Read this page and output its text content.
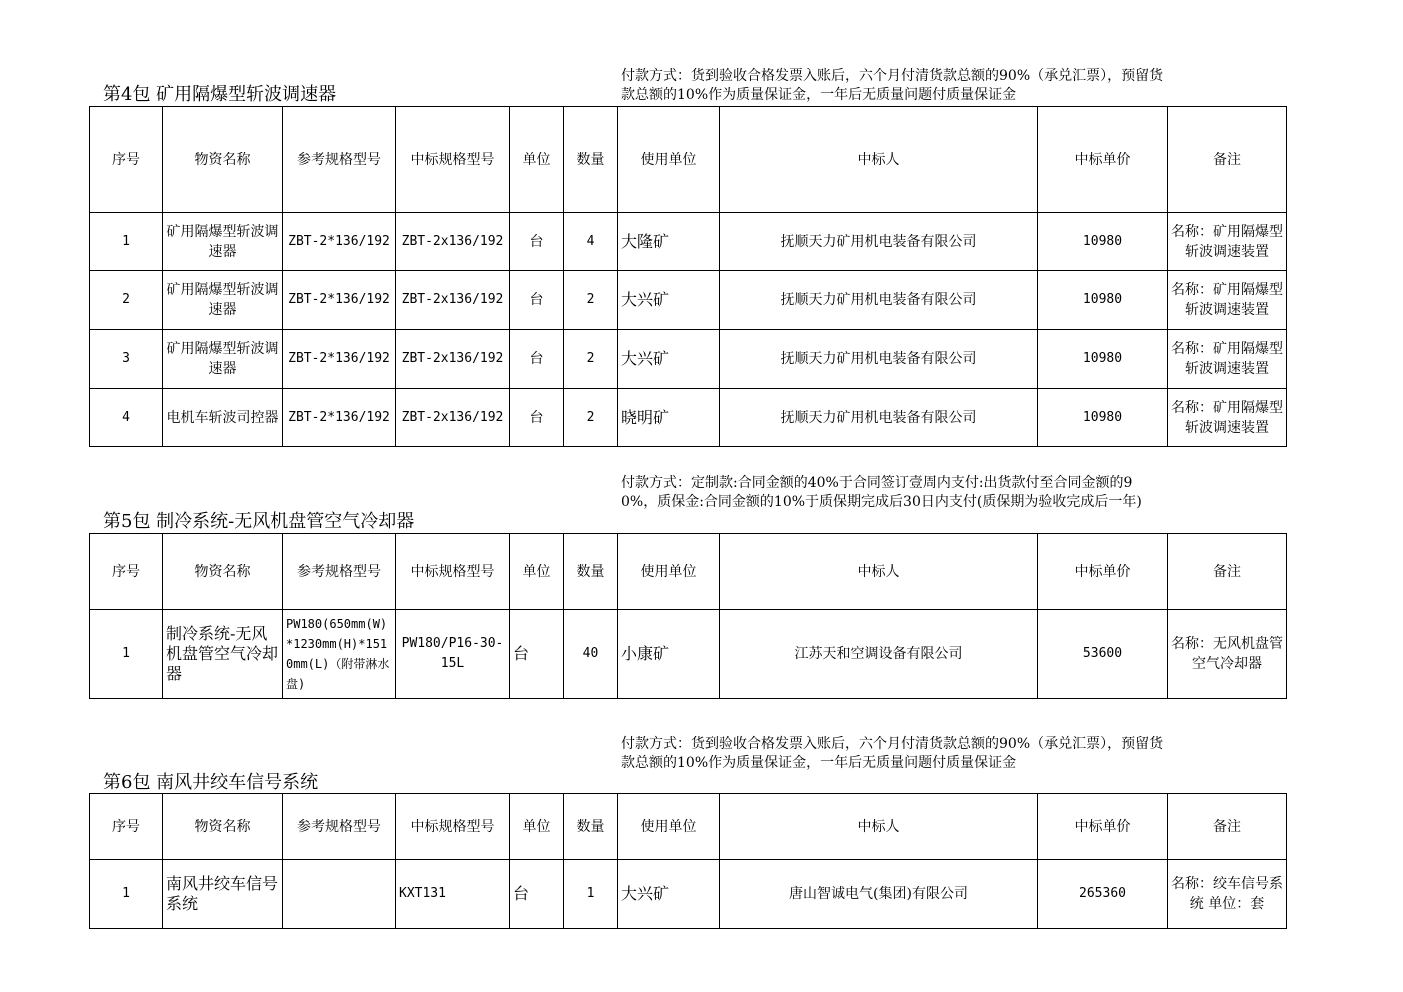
第4包 矿用隔爆型斩波调速器
付款方式：货到验收合格发票入账后，六个月付清货款总额的90%（承兑汇票），预留货款总额的10%作为质量保证金，一年后无质量问题付质量保证金
序号	物资名称	参考规格型号	中标规格型号	单位	数量	使用单位	中标人	中标单价	备注
1	矿用隔爆型斩波调速器	ZBT-2*136/192	ZBT-2x136/192	台	4	大隆矿	抚顺天力矿用机电装备有限公司	10980	名称：矿用隔爆型斩波调速装置

2	矿用隔爆型斩波调速器	ZBT-2*136/192	ZBT-2x136/192	台	2	大兴矿	抚顺天力矿用机电装备有限公司	10980	名称：矿用隔爆型斩波调速装置

3	矿用隔爆型斩波调速器	ZBT-2*136/192	ZBT-2x136/192	台	2	大兴矿	抚顺天力矿用机电装备有限公司	10980	名称：矿用隔爆型斩波调速装置

4	电机车斩波司控器	ZBT-2*136/192	ZBT-2x136/192	台	2	晓明矿	抚顺天力矿用机电装备有限公司	10980	名称：矿用隔爆型斩波调速装置
第5包 制冷系统-无风机盘管空气冷却器
付款方式：定制款:合同金额的40%于合同签订壹周内支付:出货款付至合同金额的90%，质保金:合同金额的10%于质保期完成后30日内支付(质保期为验收完成后一年)
序号	物资名称	参考规格型号	中标规格型号	单位	数量	使用单位	中标人	中标单价	备注
1	制冷系统-无风机盘管空气冷却器	PW180(650mm(W)*1230mm(H)*1510mm(L)（附带淋水盘)	PW180/P16-30-15L	台	40	小康矿	江苏天和空调设备有限公司	53600	名称：无风机盘管空气冷却器
第6包 南风井绞车信号系统
付款方式：货到验收合格发票入账后，六个月付清货款总额的90%（承兑汇票），预留货款总额的10%作为质量保证金，一年后无质量问题付质量保证金
序号	物资名称	参考规格型号	中标规格型号	单位	数量	使用单位	中标人	中标单价	备注
1	南风井绞车信号系统		KXT131	台	1	大兴矿	唐山智诚电气(集团)有限公司	265360	名称：绞车信号系统 单位：套
